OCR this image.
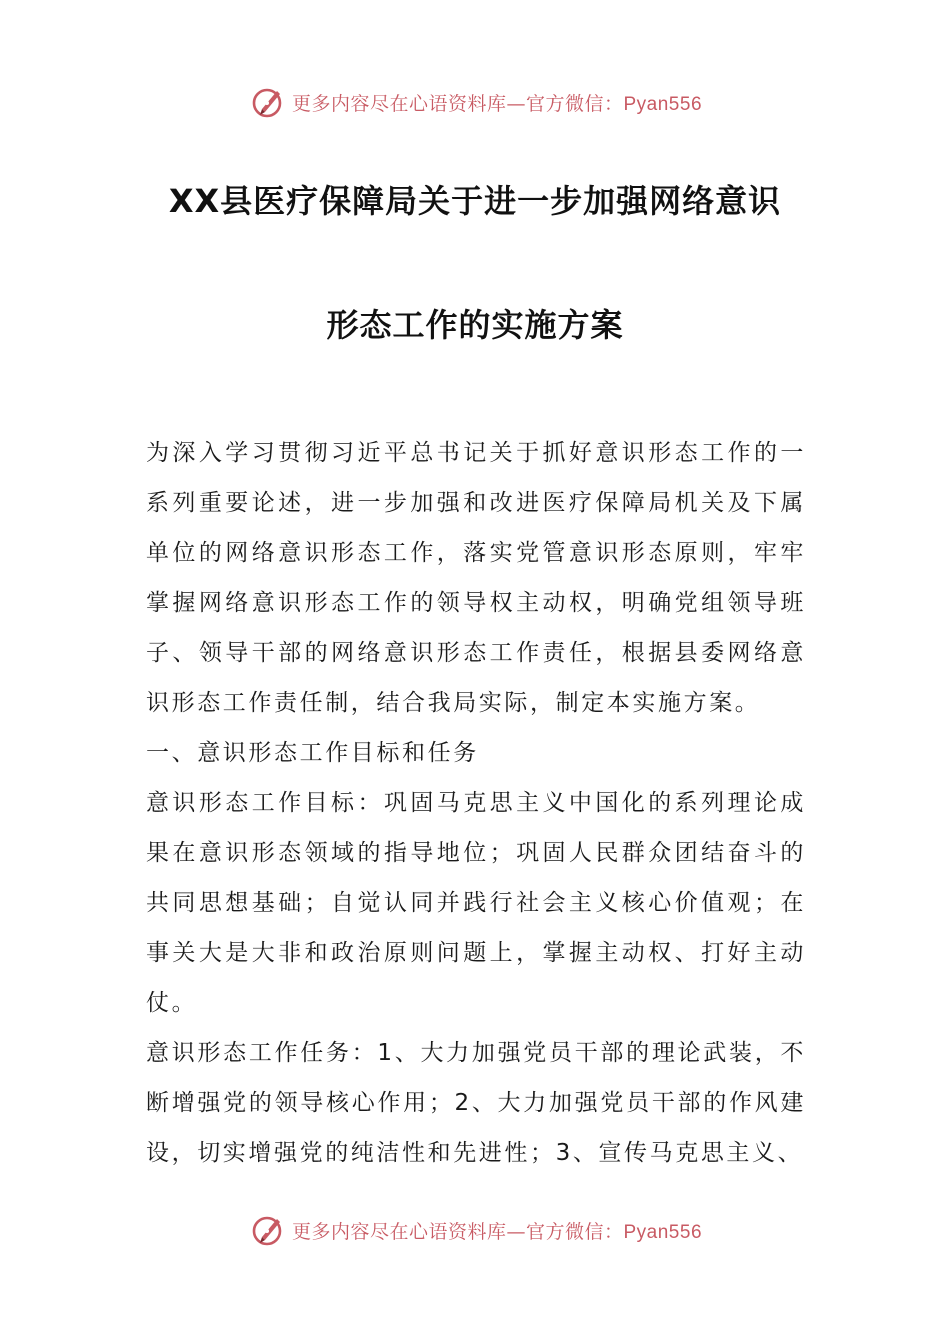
更多内容尽在心语资料库—官方微信：Pyan556
XX县医疗保障局关于进一步加强网络意识
形态工作的实施方案

为深入学习贯彻习近平总书记关于抓好意识形态工作的一系列重要论述，进一步加强和改进医疗保障局机关及下属单位的网络意识形态工作，落实党管意识形态原则，牢牢掌握网络意识形态工作的领导权主动权，明确党组领导班子、领导干部的网络意识形态工作责任，根据县委网络意识形态工作责任制，结合我局实际，制定本实施方案。

一、意识形态工作目标和任务

意识形态工作目标：巩固马克思主义中国化的系列理论成果在意识形态领域的指导地位；巩固人民群众团结奋斗的共同思想基础；自觉认同并践行社会主义核心价值观；在事关大是大非和政治原则问题上，掌握主动权、打好主动仗。

意识形态工作任务：1、大力加强党员干部的理论武装，不断增强党的领导核心作用；2、大力加强党员干部的作风建设，切实增强党的纯洁性和先进性；3、宣传马克思主义、

更多内容尽在心语资料库—官方微信：Pyan556
